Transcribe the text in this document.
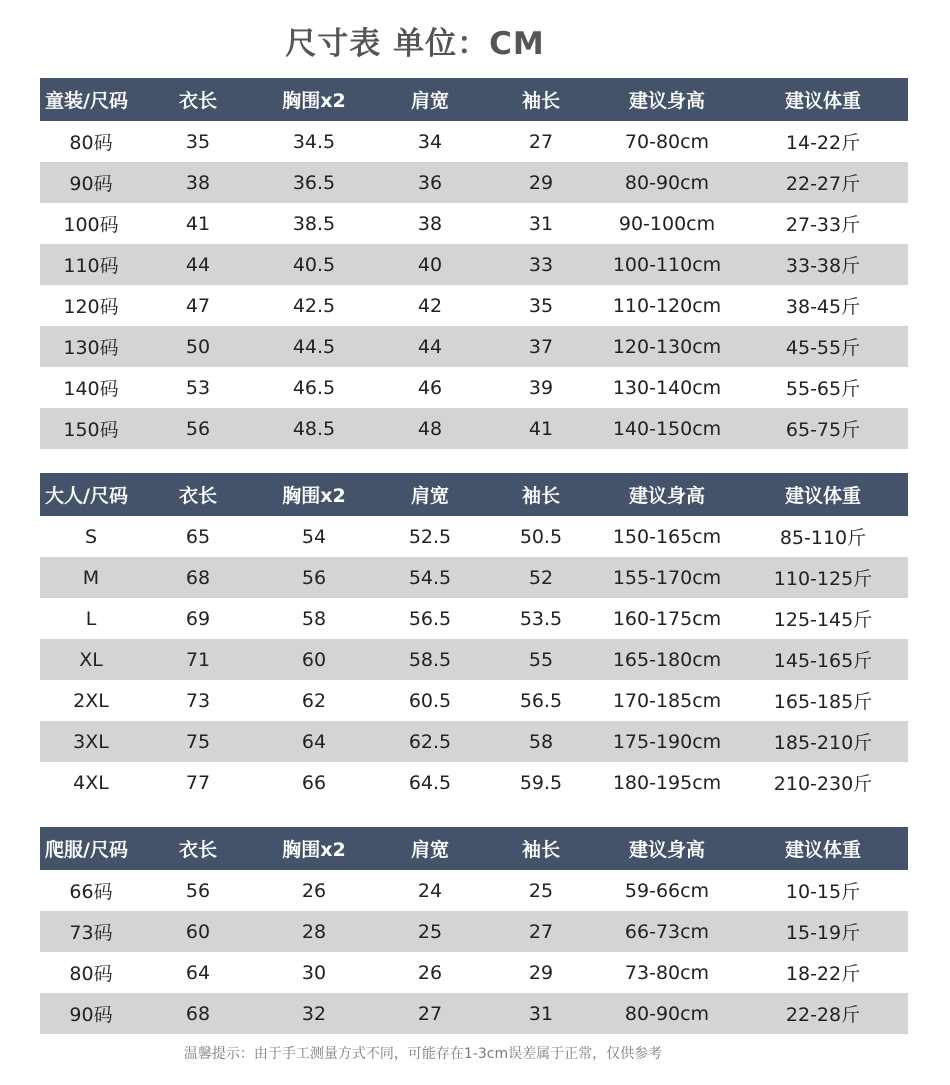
尺寸表 单位：CM
童装/尺码	衣长	胸围x2	肩宽	袖长	建议身高	建议体重
80码	35	34.5	34	27	70-80cm	14-22斤
90码	38	36.5	36	29	80-90cm	22-27斤
100码	41	38.5	38	31	90-100cm	27-33斤
110码	44	40.5	40	33	100-110cm	33-38斤
120码	47	42.5	42	35	110-120cm	38-45斤
130码	50	44.5	44	37	120-130cm	45-55斤
140码	53	46.5	46	39	130-140cm	55-65斤
150码	56	48.5	48	41	140-150cm	65-75斤
大人/尺码	衣长	胸围x2	肩宽	袖长	建议身高	建议体重
S	65	54	52.5	50.5	150-165cm	85-110斤
M	68	56	54.5	52	155-170cm	110-125斤
L	69	58	56.5	53.5	160-175cm	125-145斤
XL	71	60	58.5	55	165-180cm	145-165斤
2XL	73	62	60.5	56.5	170-185cm	165-185斤
3XL	75	64	62.5	58	175-190cm	185-210斤
4XL	77	66	64.5	59.5	180-195cm	210-230斤
爬服/尺码	衣长	胸围x2	肩宽	袖长	建议身高	建议体重
66码	56	26	24	25	59-66cm	10-15斤
73码	60	28	25	27	66-73cm	15-19斤
80码	64	30	26	29	73-80cm	18-22斤
90码	68	32	27	31	80-90cm	22-28斤
温馨提示：由于手工测量方式不同，可能存在1-3cm误差属于正常，仅供参考
